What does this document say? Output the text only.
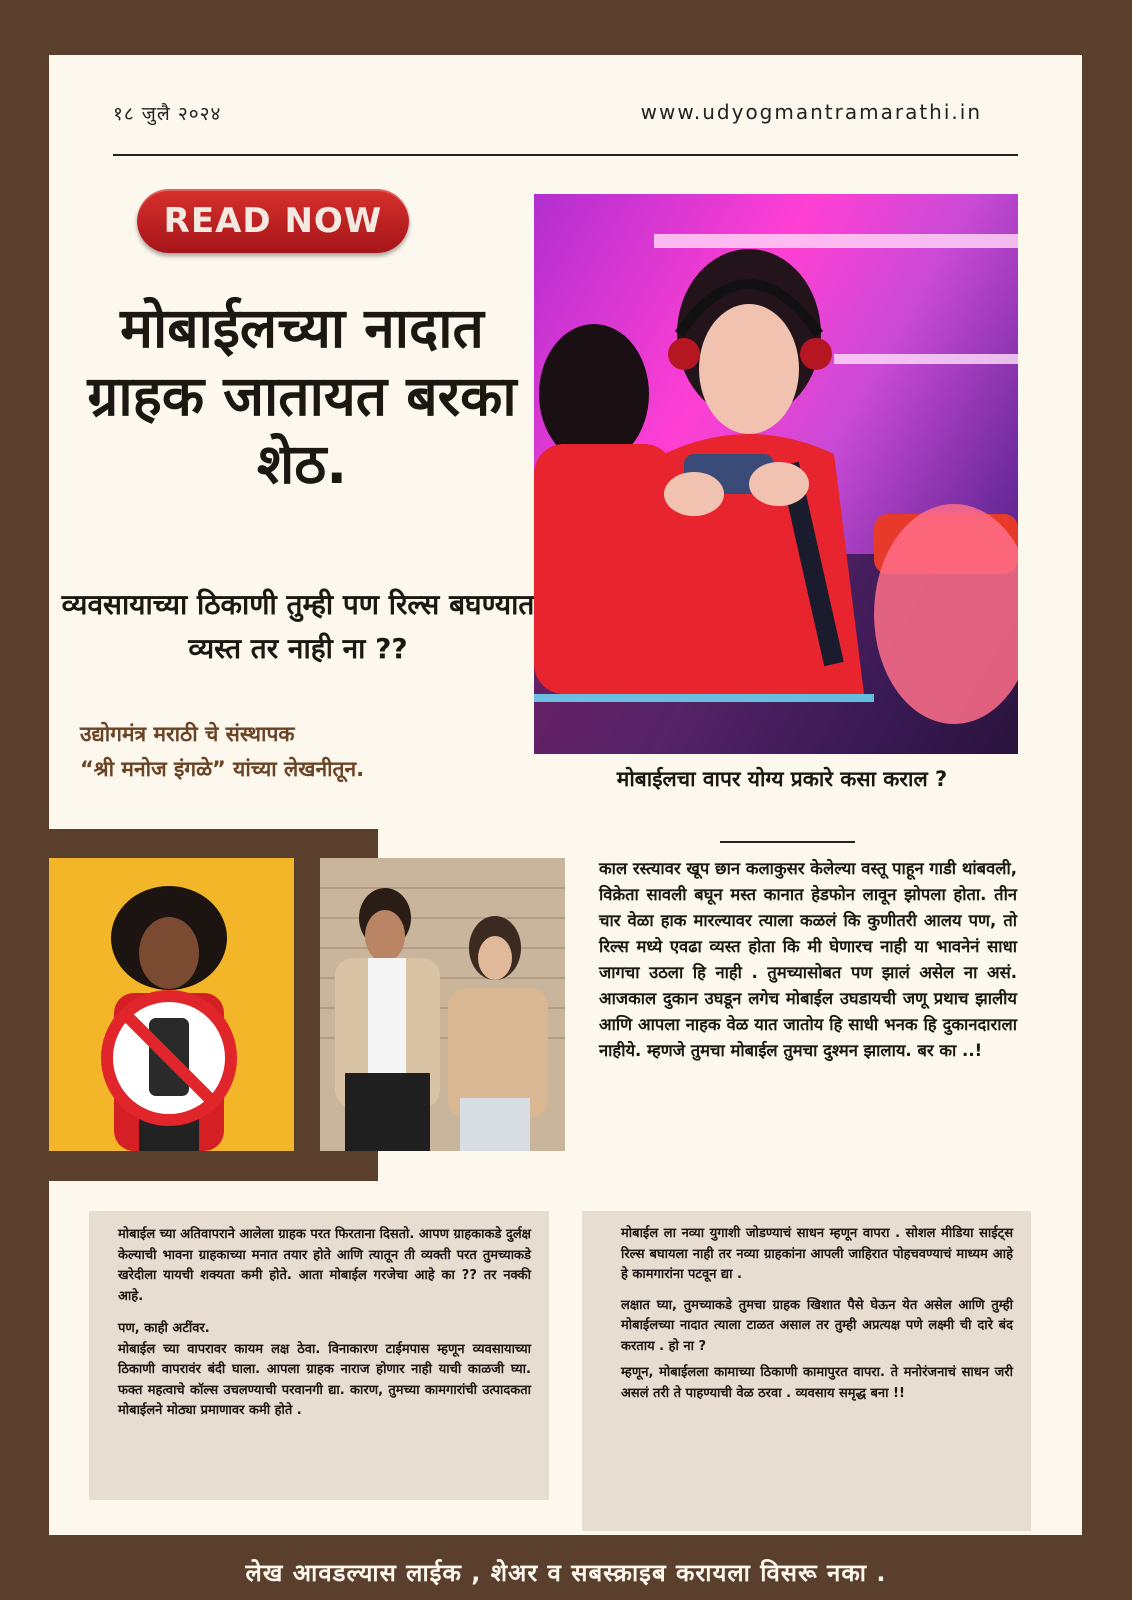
१८ जुलै २०२४	www.udyogmantramarathi.in
READ NOW
मोबाईलच्या नादात ग्राहक जातायत बरका शेठ.
व्यवसायाच्या ठिकाणी तुम्ही पण रिल्स बघण्यात व्यस्त तर नाही ना ??
उद्योगमंत्र मराठी चे संस्थापक
“श्री मनोज इंगळे” यांच्या लेखनीतून.	मोबाईलचा वापर योग्य प्रकारे कसा कराल ?
काल रस्त्यावर खूप छान कलाकुसर केलेल्या वस्तू पाहून गाडी थांबवली, विक्रेता सावली बघून मस्त कानात हेडफोन लावून झोपला होता. तीन चार वेळा हाक मारल्यावर त्याला कळलं कि कुणीतरी आलय पण, तो रिल्स मध्ये एवढा व्यस्त होता कि मी घेणारच नाही या भावनेनं साधा जागचा उठला हि नाही . तुमच्यासोबत पण झालं असेल ना असं. आजकाल दुकान उघडून लगेच मोबाईल उघडायची जणू प्रथाच झालीय आणि आपला नाहक वेळ यात जातोय हि साधी भनक हि दुकानदाराला नाहीये. म्हणजे तुमचा मोबाईल तुमचा दुश्मन झालाय. बर का ..!

मोबाईल च्या अतिवापराने आलेला ग्राहक परत फिरताना दिसतो. आपण ग्राहकाकडे दुर्लक्ष केल्याची भावना ग्राहकाच्या मनात तयार होते आणि त्यातून ती व्यक्ती परत तुमच्याकडे खरेदीला यायची शक्यता कमी होते. आता मोबाईल गरजेचा आहे का ?? तर नक्की आहे.

पण, काही अटींवर.

मोबाईल च्या वापरावर कायम लक्ष ठेवा. विनाकारण टाईमपास म्हणून व्यवसायाच्या ठिकाणी वापरावंर बंदी घाला. आपला ग्राहक नाराज होणार नाही याची काळजी घ्या. फक्त महत्वाचे कॉल्स उचलण्याची परवानगी द्या. कारण, तुमच्या कामगारांची उत्पादकता मोबाईलने मोठ्या प्रमाणावर कमी होते .

मोबाईल ला नव्या युगाशी जोडण्याचं साधन म्हणून वापरा . सोशल मीडिया साईट्स रिल्स बघायला नाही तर नव्या ग्राहकांना आपली जाहिरात पोहचवण्याचं माध्यम आहे हे कामगारांना पटवून द्या .

लक्षात घ्या, तुमच्याकडे तुमचा ग्राहक खिशात पैसे घेऊन येत असेल आणि तुम्ही मोबाईलच्या नादात त्याला टाळत असाल तर तुम्ही अप्रत्यक्ष पणे लक्ष्मी ची दारे बंद करताय . हो ना ?

म्हणून, मोबाईलला कामाच्या ठिकाणी कामापुरत वापरा. ते मनोरंजनाचं साधन जरी असलं तरी ते पाहण्याची वेळ ठरवा . व्यवसाय समृद्ध बना !!

लेख आवडल्यास लाईक , शेअर व सबस्क्राइब करायला विसरू नका .
